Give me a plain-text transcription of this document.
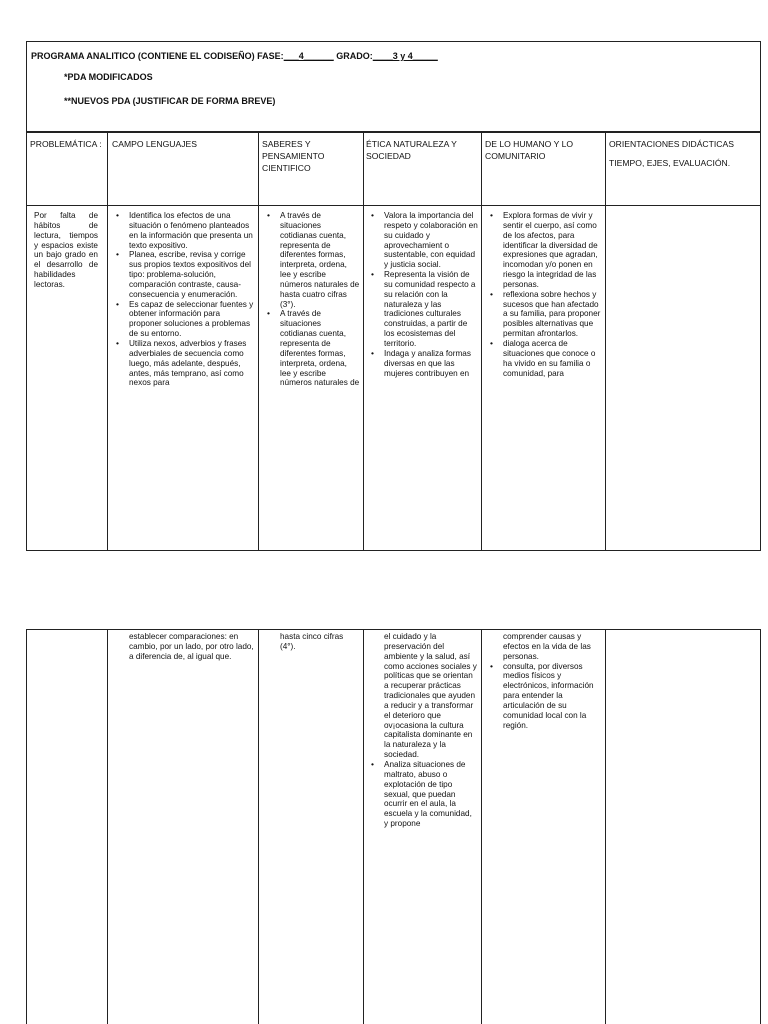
PROGRAMA ANALITICO (CONTIENE EL CODISEÑO) FASE:___4______ GRADO:____3 y 4_____
*PDA MODIFICADOS
**NUEVOS PDA (JUSTIFICAR DE FORMA BREVE)
PROBLEMÁTICA : CAMPO LENGUAJES	SABERES Y PENSAMIENTO CIENTIFICO
ÉTICA NATURALEZA Y SOCIEDAD
DE LO HUMANO Y LO COMUNITARIO
ORIENTACIONES DIDÁCTICAS
TIEMPO, EJES, EVALUACIÓN.
Por falta de hábitos de lectura, tiempos y espacios existe un bajo grado en el desarrollo de habilidades lectoras.
• Identifica los efectos de una situación o fenómeno planteados en la información que presenta un texto expositivo.
• Planea, escribe, revisa y corrige sus propios textos expositivos del tipo: problema-solución, comparación contraste, causa-consecuencia y enumeración.
• Es capaz de seleccionar fuentes y obtener información para proponer soluciones a problemas de su entorno.
• Utiliza nexos, adverbios y frases adverbiales de secuencia como luego, más adelante, después, antes, más temprano, así como nexos para
• A través de situaciones cotidianas cuenta, representa de diferentes formas, interpreta, ordena, lee y escribe números naturales de hasta cuatro cifras (3°).
• A través de situaciones cotidianas cuenta, representa de diferentes formas, interpreta, ordena, lee y escribe números naturales de
• Valora la importancia del respeto y colaboración en su cuidado y aprovechamient o sustentable, con equidad y justicia social.
• Representa la visión de su comunidad respecto a su relación con la naturaleza y las tradiciones culturales construidas, a partir de los ecosistemas del territorio.
• Indaga y analiza formas diversas en que las mujeres contribuyen en
• Explora formas de vivir y sentir el cuerpo, así como de los afectos, para identificar la diversidad de expresiones que agradan, incomodan y/o ponen en riesgo la integridad de las personas.
• reflexiona sobre hechos y sucesos que han afectado a su familia, para proponer posibles alternativas que permitan afrontarlos.
• dialoga acerca de situaciones que conoce o ha vivido en su familia o comunidad, para
establecer comparaciones: en cambio, por un lado, por otro lado, a diferencia de, al igual que.
hasta cinco cifras (4°).
el cuidado y la preservación del ambiente y la salud, así como acciones sociales y políticas que se orientan a recuperar prácticas tradicionales que ayuden a reducir y a transformar el deterioro que ov¡ocasiona la cultura capitalista dominante en la naturaleza y la sociedad.
• Analiza situaciones de maltrato, abuso o explotación de tipo sexual, que puedan ocurrir en el aula, la escuela y la comunidad, y propone
comprender causas y efectos en la vida de las personas.
• consulta, por diversos medios físicos y electrónicos, información para entender la articulación de su comunidad local con la región.
